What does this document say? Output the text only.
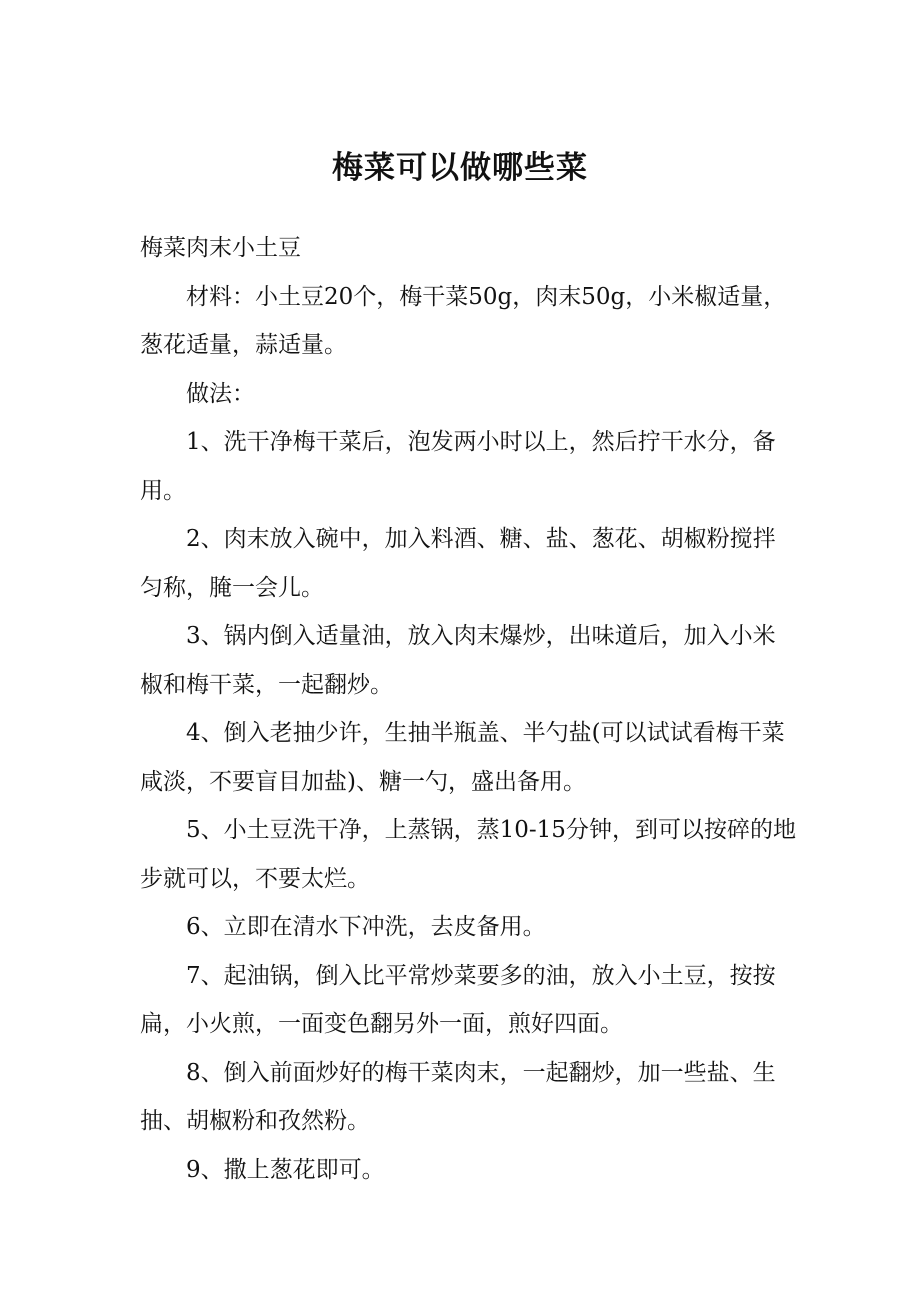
梅菜可以做哪些菜

梅菜肉末小土豆

材料：小土豆20个，梅干菜50g，肉末50g，小米椒适量，葱花适量，蒜适量。

做法：

1、洗干净梅干菜后，泡发两小时以上，然后拧干水分，备用。

2、肉末放入碗中，加入料酒、糖、盐、葱花、胡椒粉搅拌匀称，腌一会儿。

3、锅内倒入适量油，放入肉末爆炒，出味道后，加入小米椒和梅干菜，一起翻炒。

4、倒入老抽少许，生抽半瓶盖、半勺盐(可以试试看梅干菜咸淡，不要盲目加盐)、糖一勺，盛出备用。

5、小土豆洗干净，上蒸锅，蒸10-15分钟，到可以按碎的地步就可以，不要太烂。

6、立即在清水下冲洗，去皮备用。

7、起油锅，倒入比平常炒菜要多的油，放入小土豆，按按扁，小火煎，一面变色翻另外一面，煎好四面。

8、倒入前面炒好的梅干菜肉末，一起翻炒，加一些盐、生抽、胡椒粉和孜然粉。

9、撒上葱花即可。
